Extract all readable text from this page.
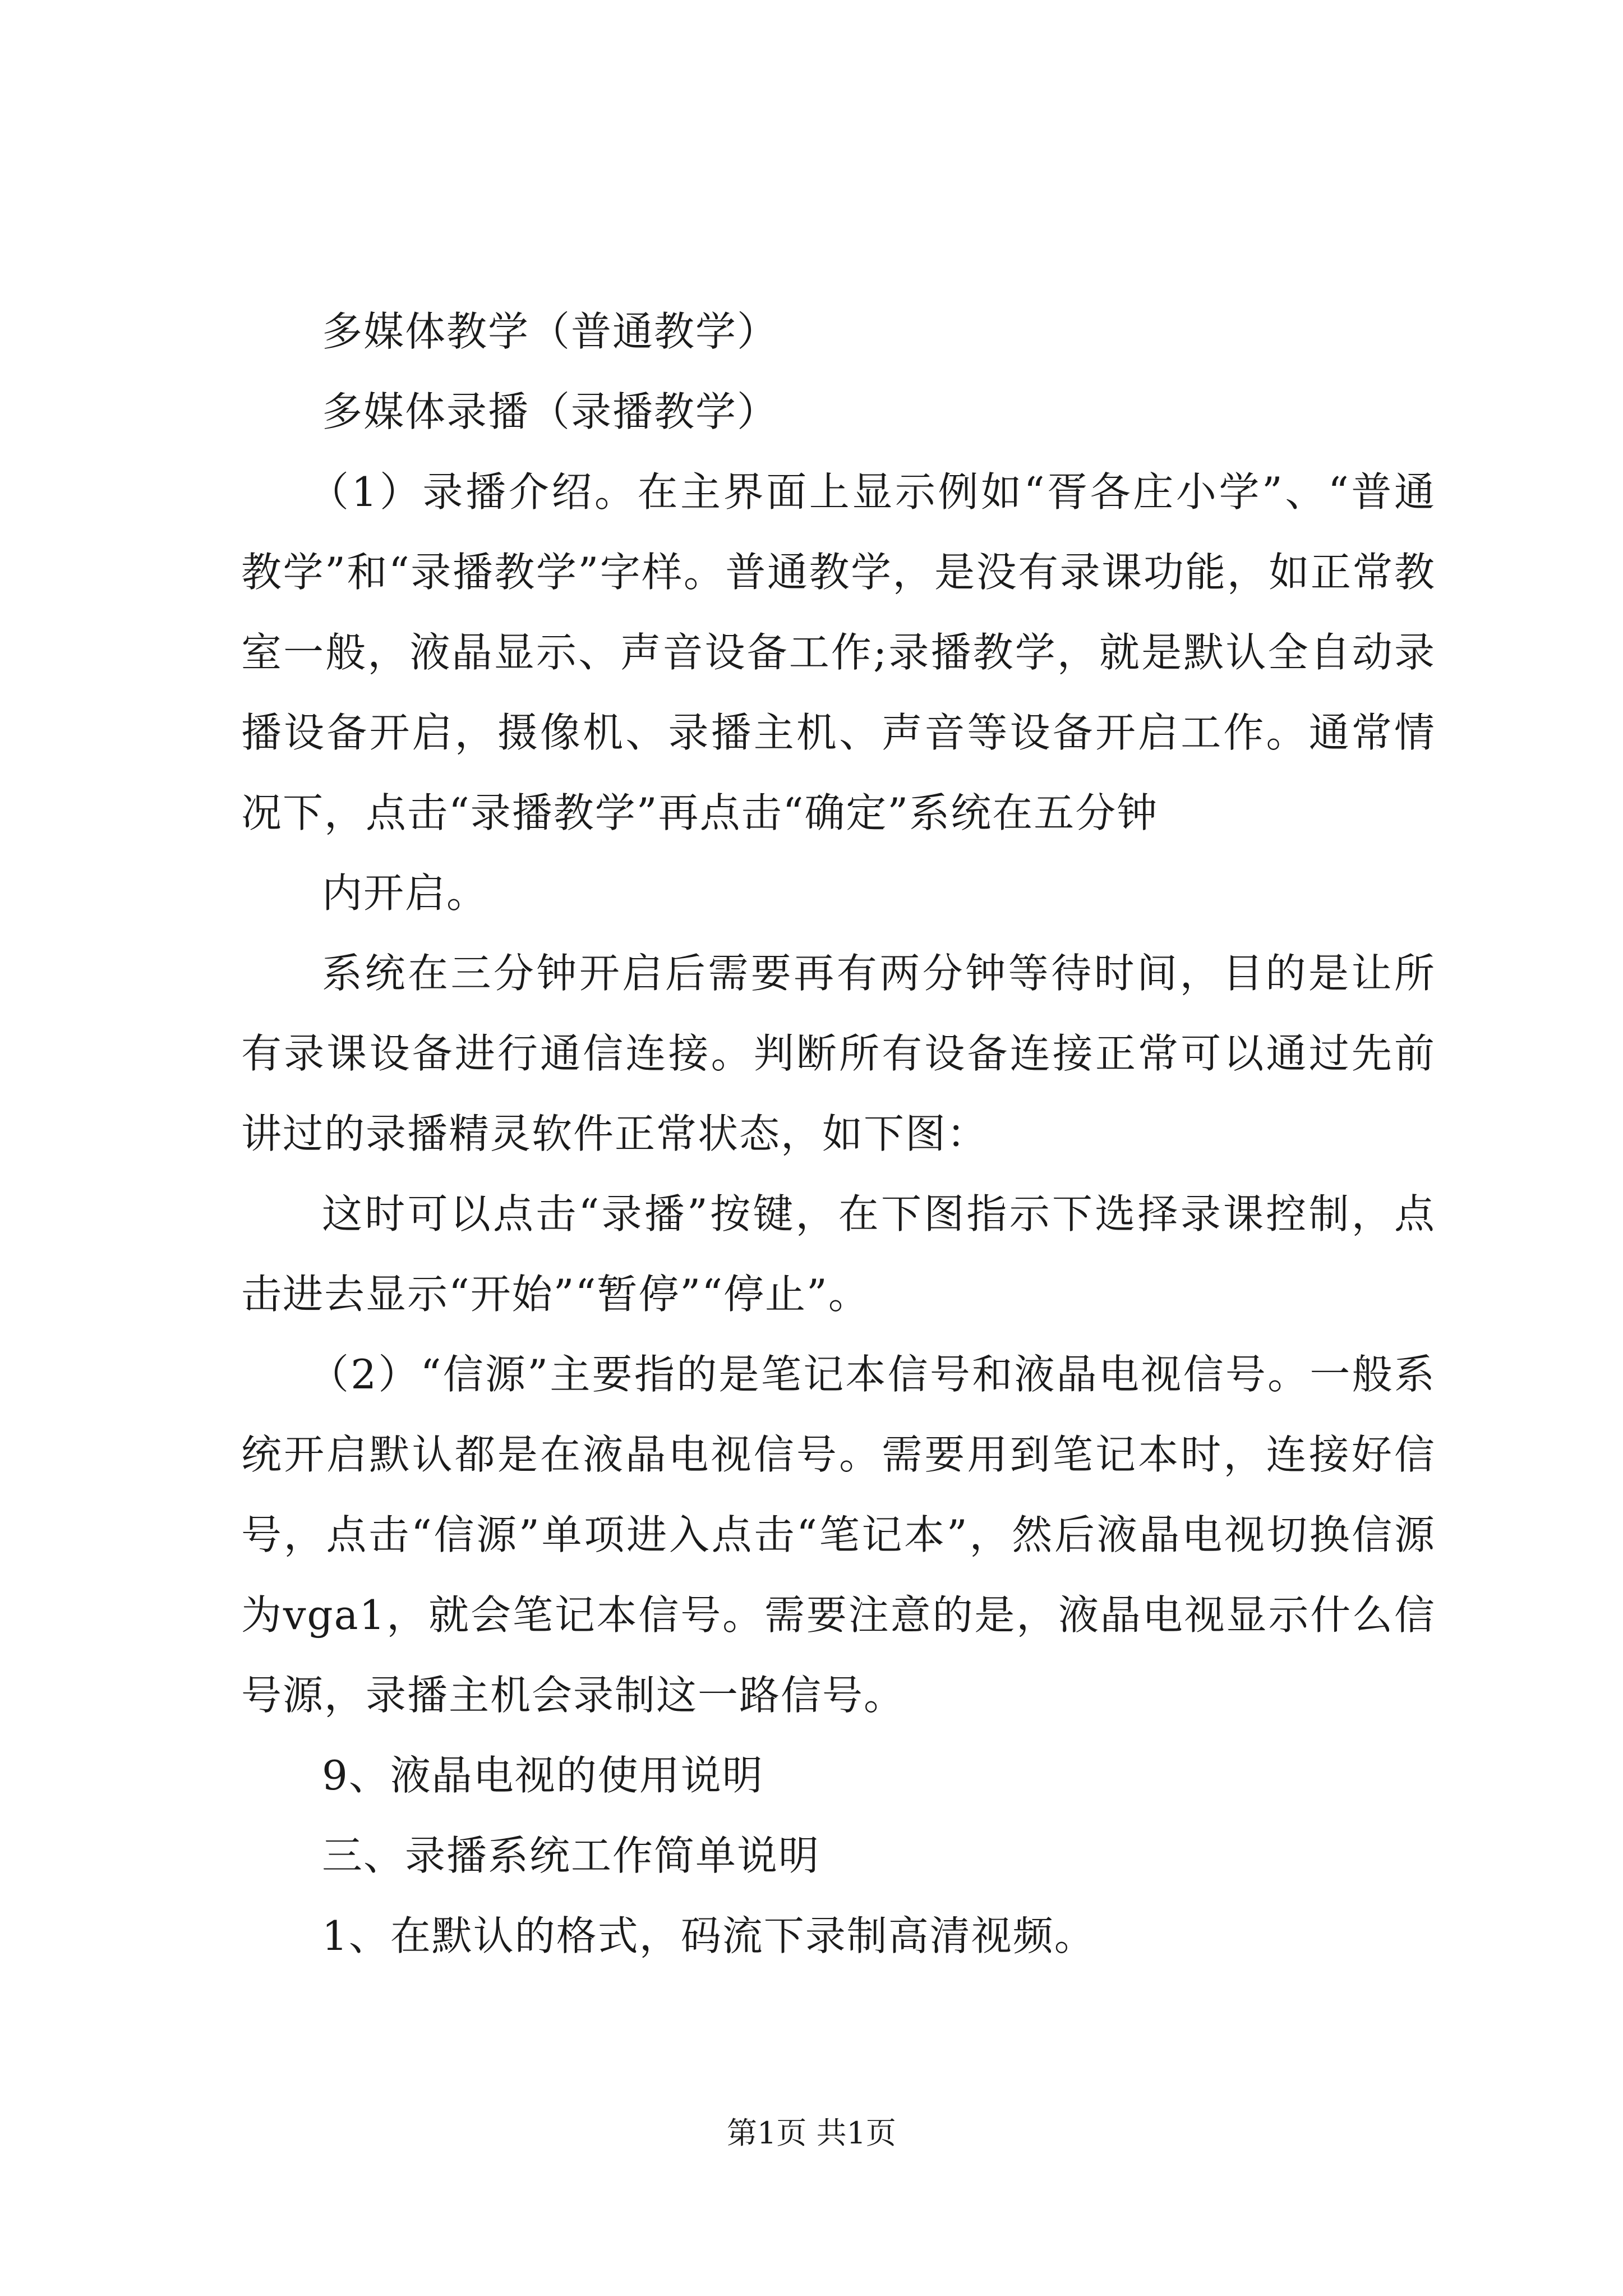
多媒体教学（普通教学）

多媒体录播（录播教学）

（1）录播介绍。在主界面上显示例如“胥各庄小学”、“普通教学”和“录播教学”字样。普通教学，是没有录课功能，如正常教室一般，液晶显示、声音设备工作;录播教学，就是默认全自动录播设备开启，摄像机、录播主机、声音等设备开启工作。通常情况下，点击“录播教学”再点击“确定”系统在五分钟

内开启。

系统在三分钟开启后需要再有两分钟等待时间，目的是让所有录课设备进行通信连接。判断所有设备连接正常可以通过先前讲过的录播精灵软件正常状态，如下图：

这时可以点击“录播”按键，在下图指示下选择录课控制，点击进去显示“开始”“暂停”“停止”。

（2）“信源”主要指的是笔记本信号和液晶电视信号。一般系统开启默认都是在液晶电视信号。需要用到笔记本时，连接好信号，点击“信源”单项进入点击“笔记本”，然后液晶电视切换信源为vga1，就会笔记本信号。需要注意的是，液晶电视显示什么信号源，录播主机会录制这一路信号。

9、液晶电视的使用说明

三、录播系统工作简单说明

1、在默认的格式，码流下录制高清视频。

第1页 共1页
